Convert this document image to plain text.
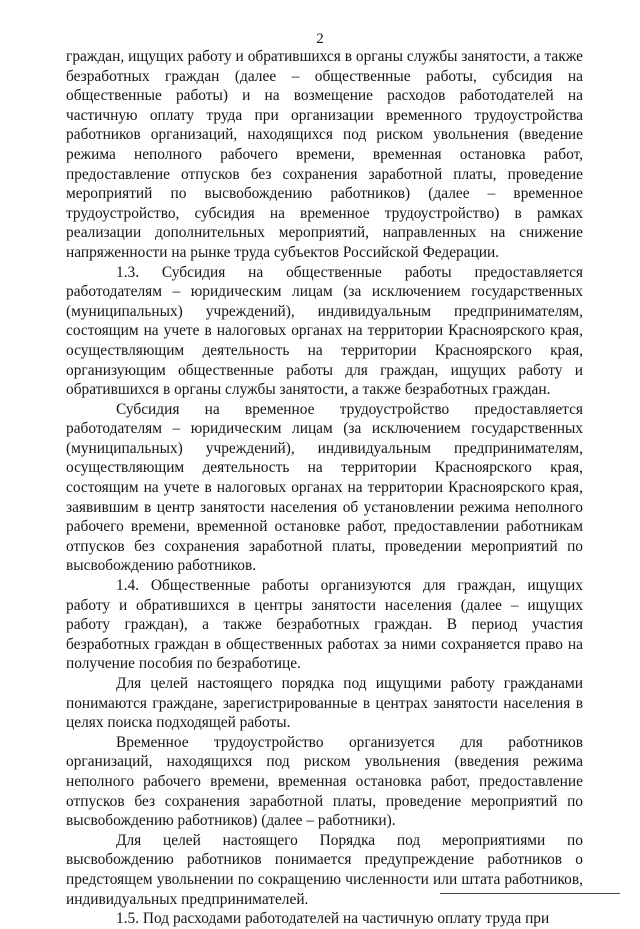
2

граждан, ищущих работу и обратившихся в органы службы занятости, а также безработных граждан (далее – общественные работы, субсидия на общественные работы) и на возмещение расходов работодателей на частичную оплату труда при организации временного трудоустройства работников организаций, находящихся под риском увольнения (введение режима неполного рабочего времени, временная остановка работ, предоставление отпусков без сохранения заработной платы, проведение мероприятий по высвобождению работников) (далее – временное трудоустройство, субсидия на временное трудоустройство) в рамках реализации дополнительных мероприятий, направленных на снижение напряженности на рынке труда субъектов Российской Федерации.

1.3. Субсидия на общественные работы предоставляется работодателям – юридическим лицам (за исключением государственных (муниципальных) учреждений), индивидуальным предпринимателям, состоящим на учете в налоговых органах на территории Красноярского края, осуществляющим деятельность на территории Красноярского края, организующим общественные работы для граждан, ищущих работу и обратившихся в органы службы занятости, а также безработных граждан.

Субсидия на временное трудоустройство предоставляется работодателям – юридическим лицам (за исключением государственных (муниципальных) учреждений), индивидуальным предпринимателям, осуществляющим деятельность на территории Красноярского края, состоящим на учете в налоговых органах на территории Красноярского края, заявившим в центр занятости населения об установлении режима неполного рабочего времени, временной остановке работ, предоставлении работникам отпусков без сохранения заработной платы, проведении мероприятий по высвобождению работников.

1.4. Общественные работы организуются для граждан, ищущих работу и обратившихся в центры занятости населения (далее – ищущих работу граждан), а также безработных граждан. В период участия безработных граждан в общественных работах за ними сохраняется право на получение пособия по безработице.

Для целей настоящего порядка под ищущими работу гражданами понимаются граждане, зарегистрированные в центрах занятости населения в целях поиска подходящей работы.

Временное трудоустройство организуется для работников организаций, находящихся под риском увольнения (введения режима неполного рабочего времени, временная остановка работ, предоставление отпусков без сохранения заработной платы, проведение мероприятий по высвобождению работников) (далее – работники).

Для целей настоящего Порядка под мероприятиями по высвобождению работников понимается предупреждение работников о предстоящем увольнении по сокращению численности или штата работников, индивидуальных предпринимателей.

1.5. Под расходами работодателей на частичную оплату труда при
